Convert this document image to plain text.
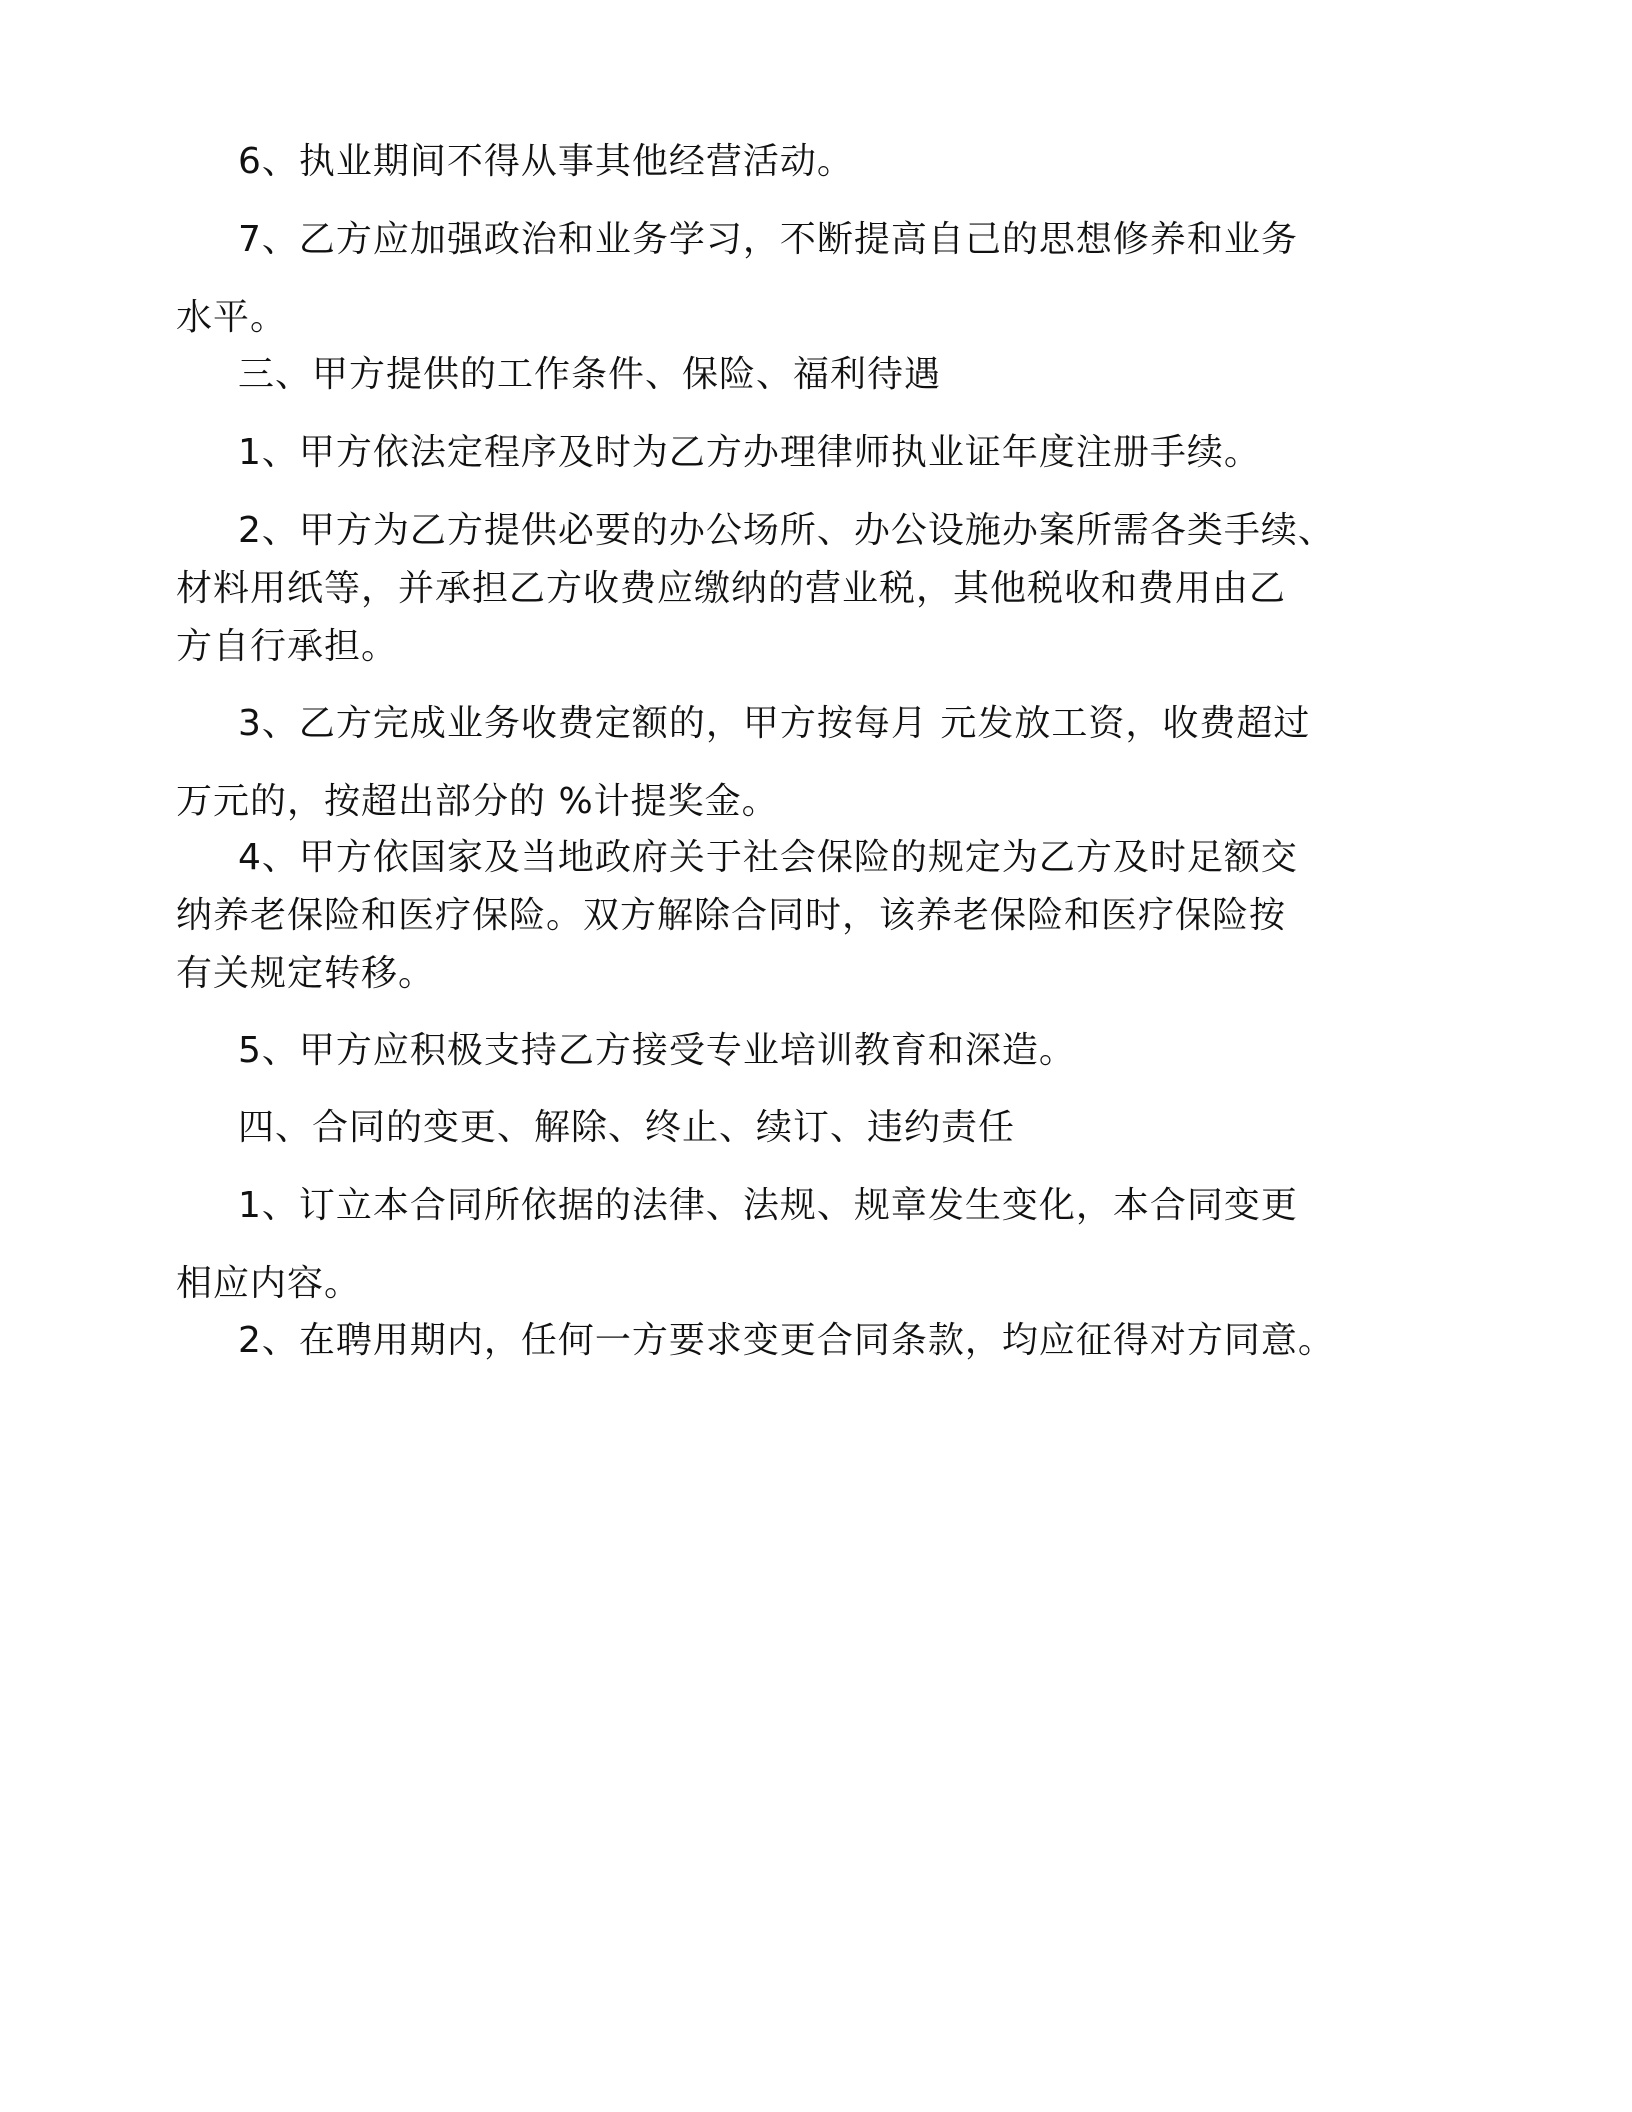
6、执业期间不得从事其他经营活动。
7、乙方应加强政治和业务学习，不断提高自己的思想修养和业务
水平。
三、甲方提供的工作条件、保险、福利待遇
1、甲方依法定程序及时为乙方办理律师执业证年度注册手续。
2、甲方为乙方提供必要的办公场所、办公设施办案所需各类手续、
材料用纸等，并承担乙方收费应缴纳的营业税，其他税收和费用由乙
方自行承担。
3、乙方完成业务收费定额的，甲方按每月 元发放工资，收费超过
万元的，按超出部分的 %计提奖金。
4、甲方依国家及当地政府关于社会保险的规定为乙方及时足额交
纳养老保险和医疗保险。双方解除合同时，该养老保险和医疗保险按
有关规定转移。
5、甲方应积极支持乙方接受专业培训教育和深造。
四、合同的变更、解除、终止、续订、违约责任
1、订立本合同所依据的法律、法规、规章发生变化，本合同变更
相应内容。
2、在聘用期内，任何一方要求变更合同条款，均应征得对方同意。
